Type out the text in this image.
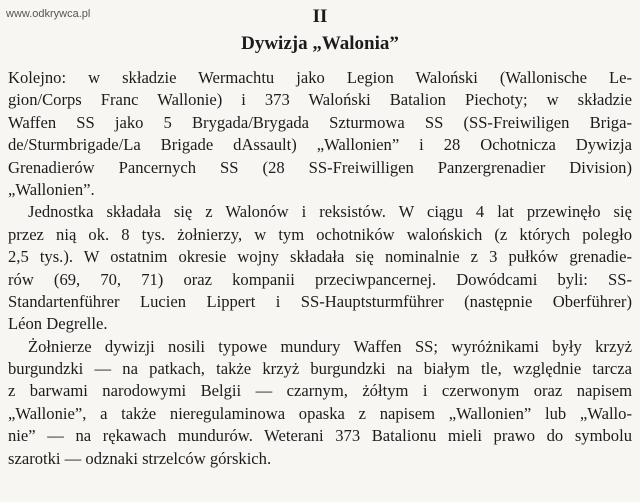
www.odkrywca.pl	II
Dywizja „Walonia”
Kolejno: w składzie Wermachtu jako Legion Waloński (Wallonische Le-
gion/Corps Franc Wallonie) i 373 Waloński Batalion Piechoty; w składzie
Waffen SS jako 5 Brygada/Brygada Szturmowa SS (SS-Freiwiligen Briga-
de/Sturmbrigade/La Brigade dAssault) „Wallonien” i 28 Ochotnicza Dywizja
Grenadierów Pancernych SS (28 SS-Freiwilligen Panzergrenadier Division)
„Wallonien”.
Jednostka składała się z Walonów i reksistów. W ciągu 4 lat przewinęło się
przez nią ok. 8 tys. żołnierzy, w tym ochotników walońskich (z których poległo
2,5 tys.). W ostatnim okresie wojny składała się nominalnie z 3 pułków grenadie-
rów (69, 70, 71) oraz kompanii przeciwpancernej. Dowódcami byli: SS-
Standartenführer Lucien Lippert i SS-Hauptsturmführer (następnie Oberführer)
Léon Degrelle.
Żołnierze dywizji nosili typowe mundury Waffen SS; wyróżnikami były krzyż
burgundzki — na patkach, także krzyż burgundzki na białym tle, względnie tarcza
z barwami narodowymi Belgii — czarnym, żółtym i czerwonym oraz napisem
„Wallonie”, a także nieregulaminowa opaska z napisem „Wallonien” lub „Wallo-
nie” — na rękawach mundurów. Weterani 373 Batalionu mieli prawo do symbolu
szarotki — odznaki strzelców górskich.
